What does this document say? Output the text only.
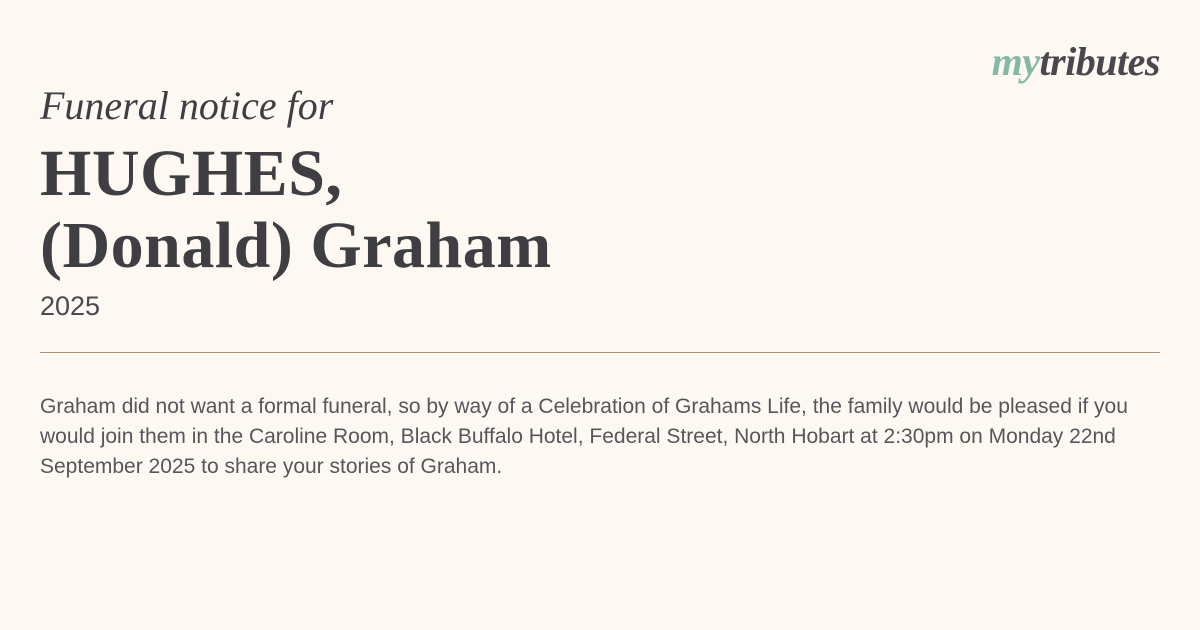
mytributes
Funeral notice for
HUGHES,
(Donald) Graham
2025

Graham did not want a formal funeral, so by way of a Celebration of Grahams Life, the family would be pleased if you would join them in the Caroline Room, Black Buffalo Hotel, Federal Street, North Hobart at 2:30pm on Monday 22nd September 2025 to share your stories of Graham.
